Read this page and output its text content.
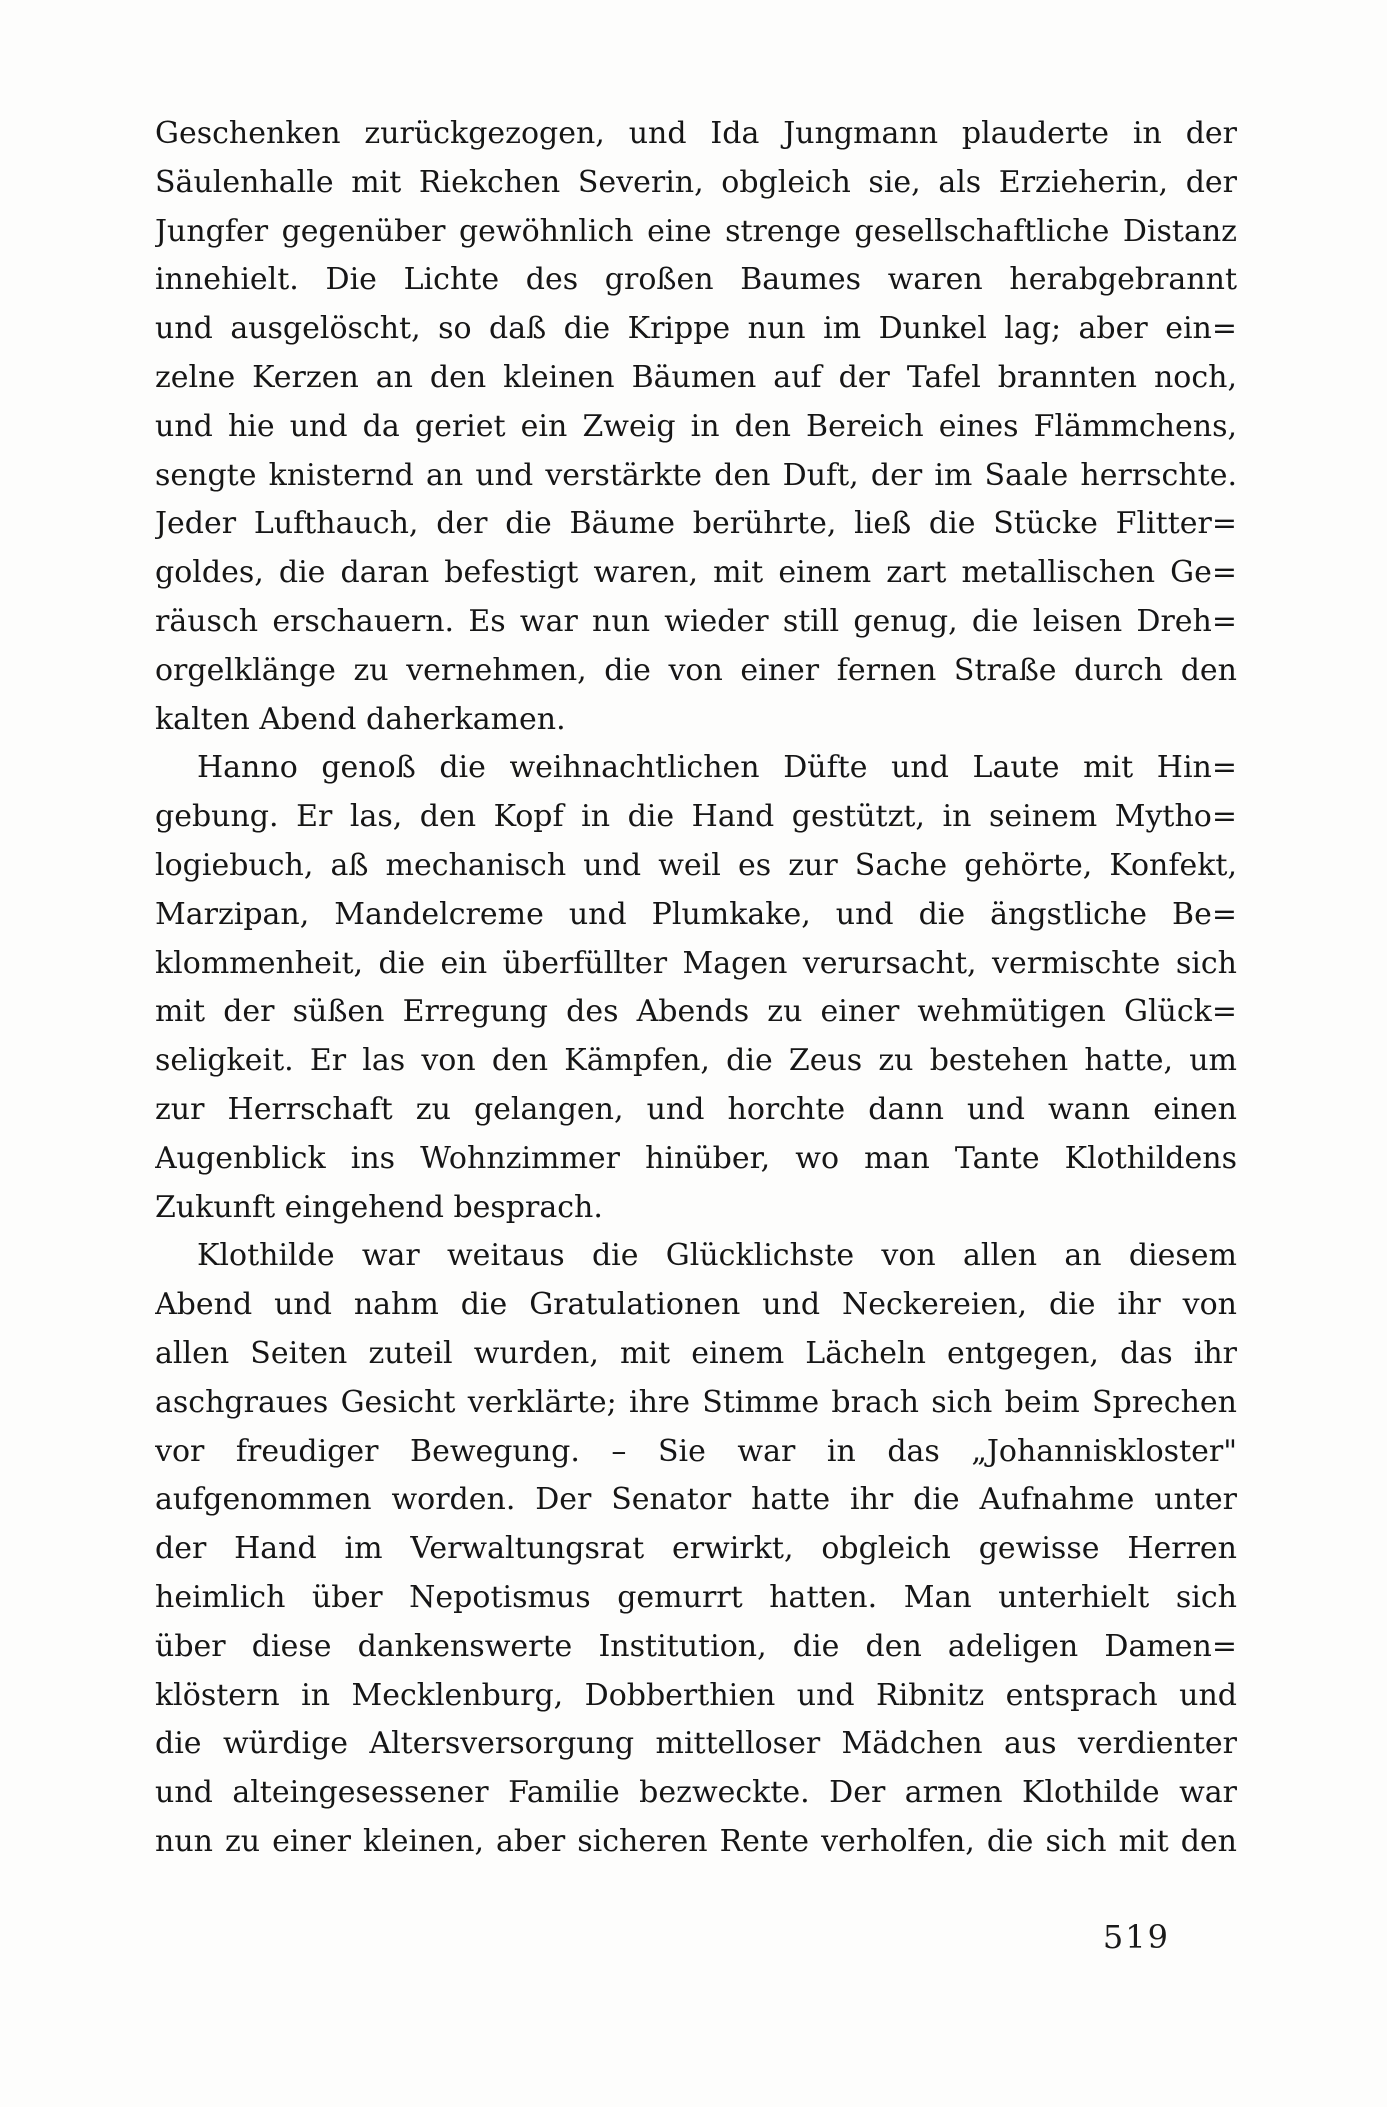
Geschenken zurückgezogen, und Ida Jungmann plauderte in der
Säulenhalle mit Riekchen Severin, obgleich sie, als Erzieherin, der
Jungfer gegenüber gewöhnlich eine strenge gesellschaftliche Distanz
innehielt. Die Lichte des großen Baumes waren herabgebrannt
und ausgelöscht, so daß die Krippe nun im Dunkel lag; aber ein=
zelne Kerzen an den kleinen Bäumen auf der Tafel brannten noch,
und hie und da geriet ein Zweig in den Bereich eines Flämmchens,
sengte knisternd an und verstärkte den Duft, der im Saale herrschte.
Jeder Lufthauch, der die Bäume berührte, ließ die Stücke Flitter=
goldes, die daran befestigt waren, mit einem zart metallischen Ge=
räusch erschauern. Es war nun wieder still genug, die leisen Dreh=
orgelklänge zu vernehmen, die von einer fernen Straße durch den
kalten Abend daherkamen.
Hanno genoß die weihnachtlichen Düfte und Laute mit Hin=
gebung. Er las, den Kopf in die Hand gestützt, in seinem Mytho=
logiebuch, aß mechanisch und weil es zur Sache gehörte, Konfekt,
Marzipan, Mandelcreme und Plumkake, und die ängstliche Be=
klommenheit, die ein überfüllter Magen verursacht, vermischte sich
mit der süßen Erregung des Abends zu einer wehmütigen Glück=
seligkeit. Er las von den Kämpfen, die Zeus zu bestehen hatte, um
zur Herrschaft zu gelangen, und horchte dann und wann einen
Augenblick ins Wohnzimmer hinüber, wo man Tante Klothildens
Zukunft eingehend besprach.
Klothilde war weitaus die Glücklichste von allen an diesem
Abend und nahm die Gratulationen und Neckereien, die ihr von
allen Seiten zuteil wurden, mit einem Lächeln entgegen, das ihr
aschgraues Gesicht verklärte; ihre Stimme brach sich beim Sprechen
vor freudiger Bewegung. – Sie war in das „Johanniskloster"
aufgenommen worden. Der Senator hatte ihr die Aufnahme unter
der Hand im Verwaltungsrat erwirkt, obgleich gewisse Herren
heimlich über Nepotismus gemurrt hatten. Man unterhielt sich
über diese dankenswerte Institution, die den adeligen Damen=
klöstern in Mecklenburg, Dobberthien und Ribnitz entsprach und
die würdige Altersversorgung mittelloser Mädchen aus verdienter
und alteingesessener Familie bezweckte. Der armen Klothilde war
nun zu einer kleinen, aber sicheren Rente verholfen, die sich mit den
519
